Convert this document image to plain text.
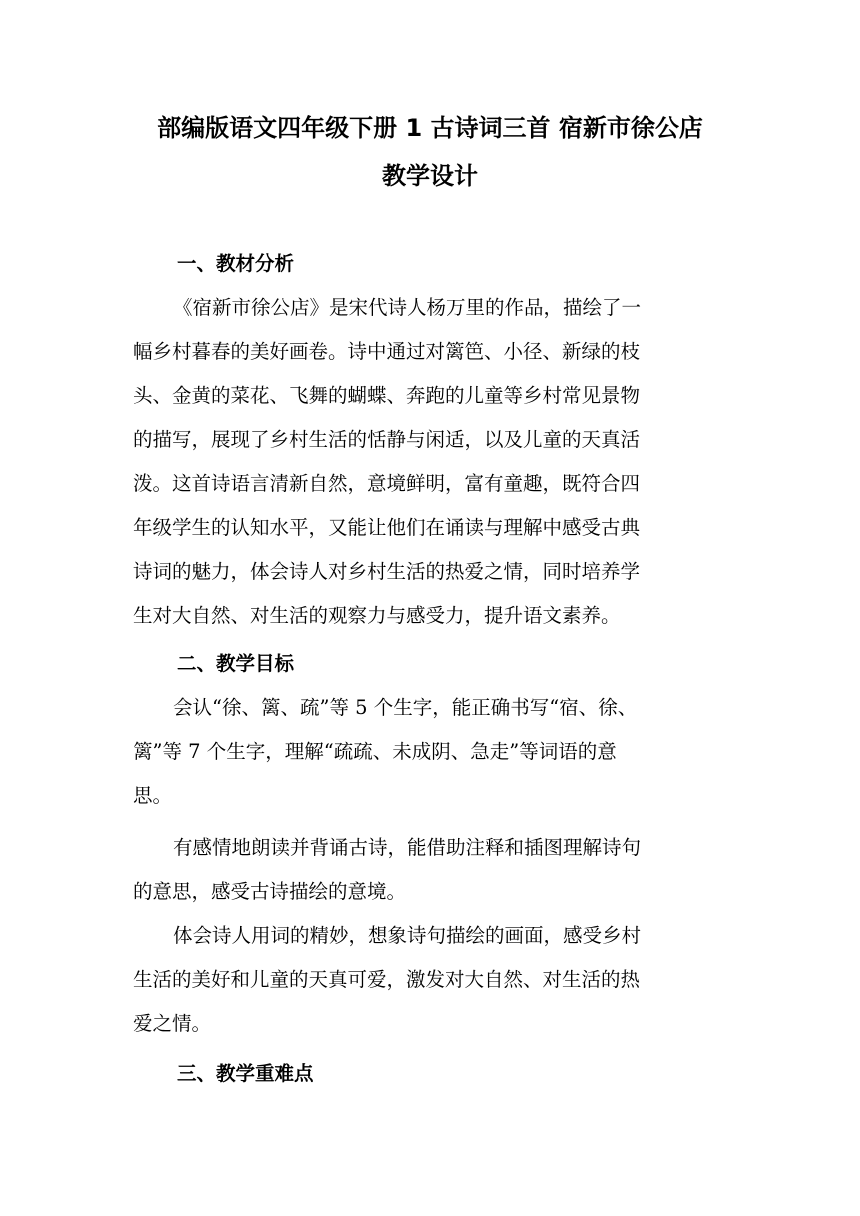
部编版语文四年级下册 1 古诗词三首 宿新市徐公店
教学设计
一、教材分析
《宿新市徐公店》是宋代诗人杨万里的作品，描绘了一
幅乡村暮春的美好画卷。诗中通过对篱笆、小径、新绿的枝
头、金黄的菜花、飞舞的蝴蝶、奔跑的儿童等乡村常见景物
的描写，展现了乡村生活的恬静与闲适，以及儿童的天真活
泼。这首诗语言清新自然，意境鲜明，富有童趣，既符合四
年级学生的认知水平，又能让他们在诵读与理解中感受古典
诗词的魅力，体会诗人对乡村生活的热爱之情，同时培养学
生对大自然、对生活的观察力与感受力，提升语文素养。
二、教学目标
会认“徐、篱、疏”等 5 个生字，能正确书写“宿、徐、
篱”等 7 个生字，理解“疏疏、未成阴、急走”等词语的意
思。
有感情地朗读并背诵古诗，能借助注释和插图理解诗句
的意思，感受古诗描绘的意境。
体会诗人用词的精妙，想象诗句描绘的画面，感受乡村
生活的美好和儿童的天真可爱，激发对大自然、对生活的热
爱之情。
三、教学重难点
